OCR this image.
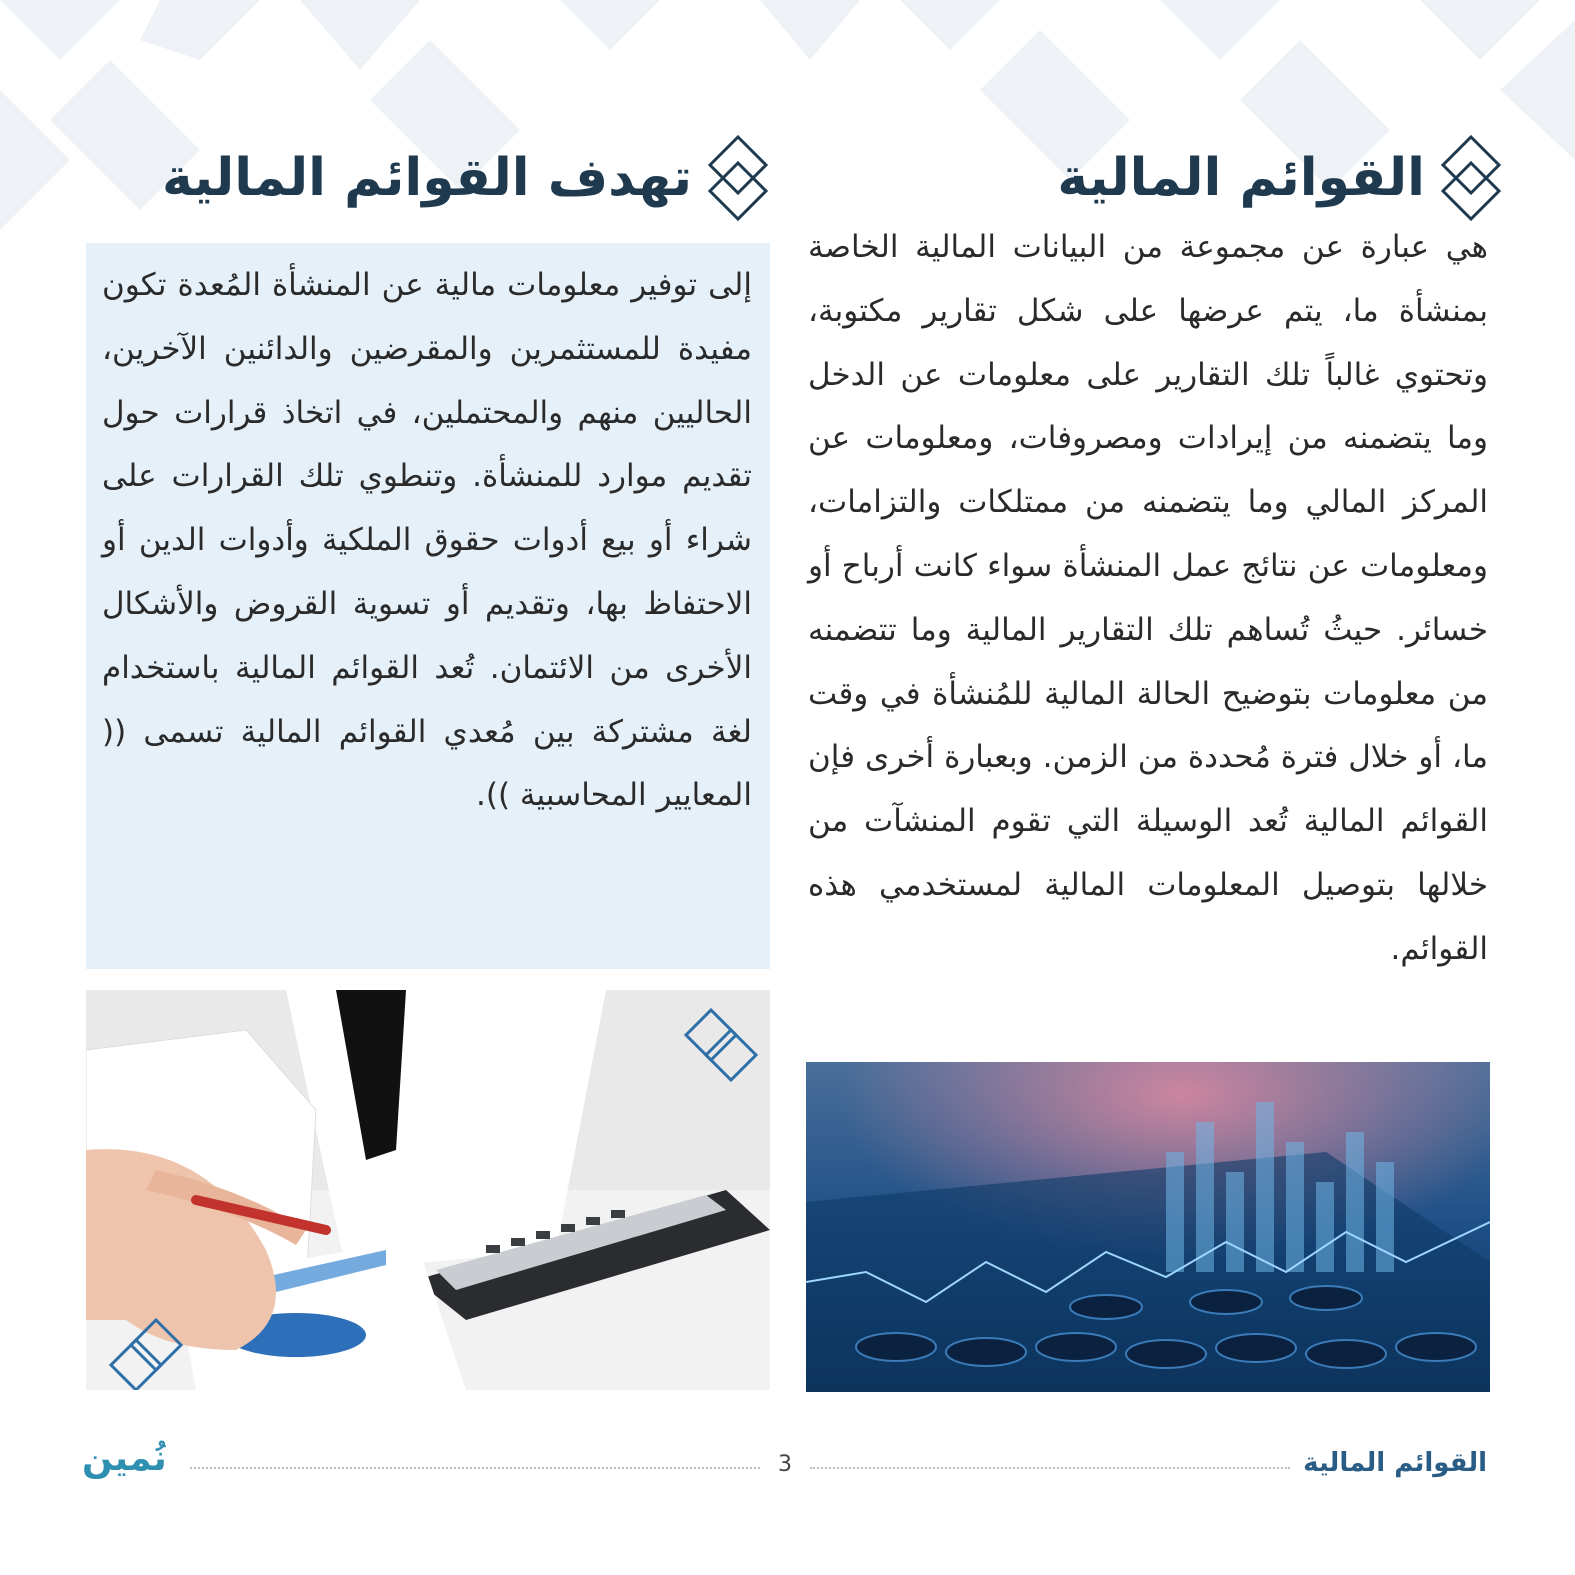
القوائم المالية
تهدف القوائم المالية

هي عبارة عن مجموعة من البيانات المالية الخاصة بمنشأة ما، يتم عرضها على شكل تقارير مكتوبة، وتحتوي غالباً تلك التقارير على معلومات عن الدخل وما يتضمنه من إيرادات ومصروفات، ومعلومات عن المركز المالي وما يتضمنه من ممتلكات والتزامات، ومعلومات عن نتائج عمل المنشأة سواء كانت أرباح أو خسائر. حيثُ تُساهم تلك التقارير المالية وما تتضمنه من معلومات بتوضيح الحالة المالية للمُنشأة في وقت ما، أو خلال فترة مُحددة من الزمن. وبعبارة أخرى فإن القوائم المالية تُعد الوسيلة التي تقوم المنشآت من خلالها بتوصيل المعلومات المالية لمستخدمي هذه القوائم.

إلى توفير معلومات مالية عن المنشأة المُعدة تكون مفيدة للمستثمرين والمقرضين والدائنين الآخرين، الحاليين منهم والمحتملين، في اتخاذ قرارات حول تقديم موارد للمنشأة. وتنطوي تلك القرارات على شراء أو بيع أدوات حقوق الملكية وأدوات الدين أو الاحتفاظ بها، وتقديم أو تسوية القروض والأشكال الأخرى من الائتمان. تُعد القوائم المالية باستخدام لغة مشتركة بين مُعدي القوائم المالية تسمى (( المعايير المحاسبية )).

القوائم المالية
3
نُمين
